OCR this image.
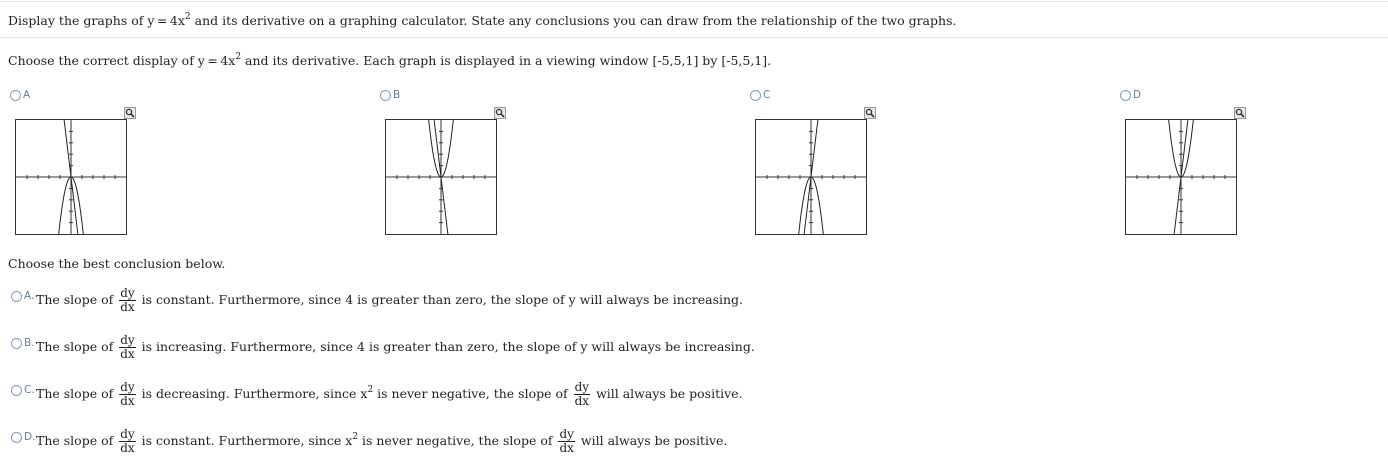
Display the graphs of $y = 4x^2$ and its derivative on a graphing calculator. State any conclusions you can draw from the relationship of the two graphs.
Choose the correct display of $y = 4x^2$ and its derivative. Each graph is displayed in a viewing window [-5,5,1] by [-5,5,1].
A	B	C	D
Choose the best conclusion below.
A. The slope of $\frac{dy}{dx}$ is constant. Furthermore, since 4 is greater than zero, the slope of y will always be increasing.
B. The slope of $\frac{dy}{dx}$ is increasing. Furthermore, since 4 is greater than zero, the slope of y will always be increasing.
C. The slope of $\frac{dy}{dx}$ is decreasing. Furthermore, since $x^2$ is never negative, the slope of $\frac{dy}{dx}$ will always be positive.
D. The slope of $\frac{dy}{dx}$ is constant. Furthermore, since $x^2$ is never negative, the slope of $\frac{dy}{dx}$ will always be positive.
